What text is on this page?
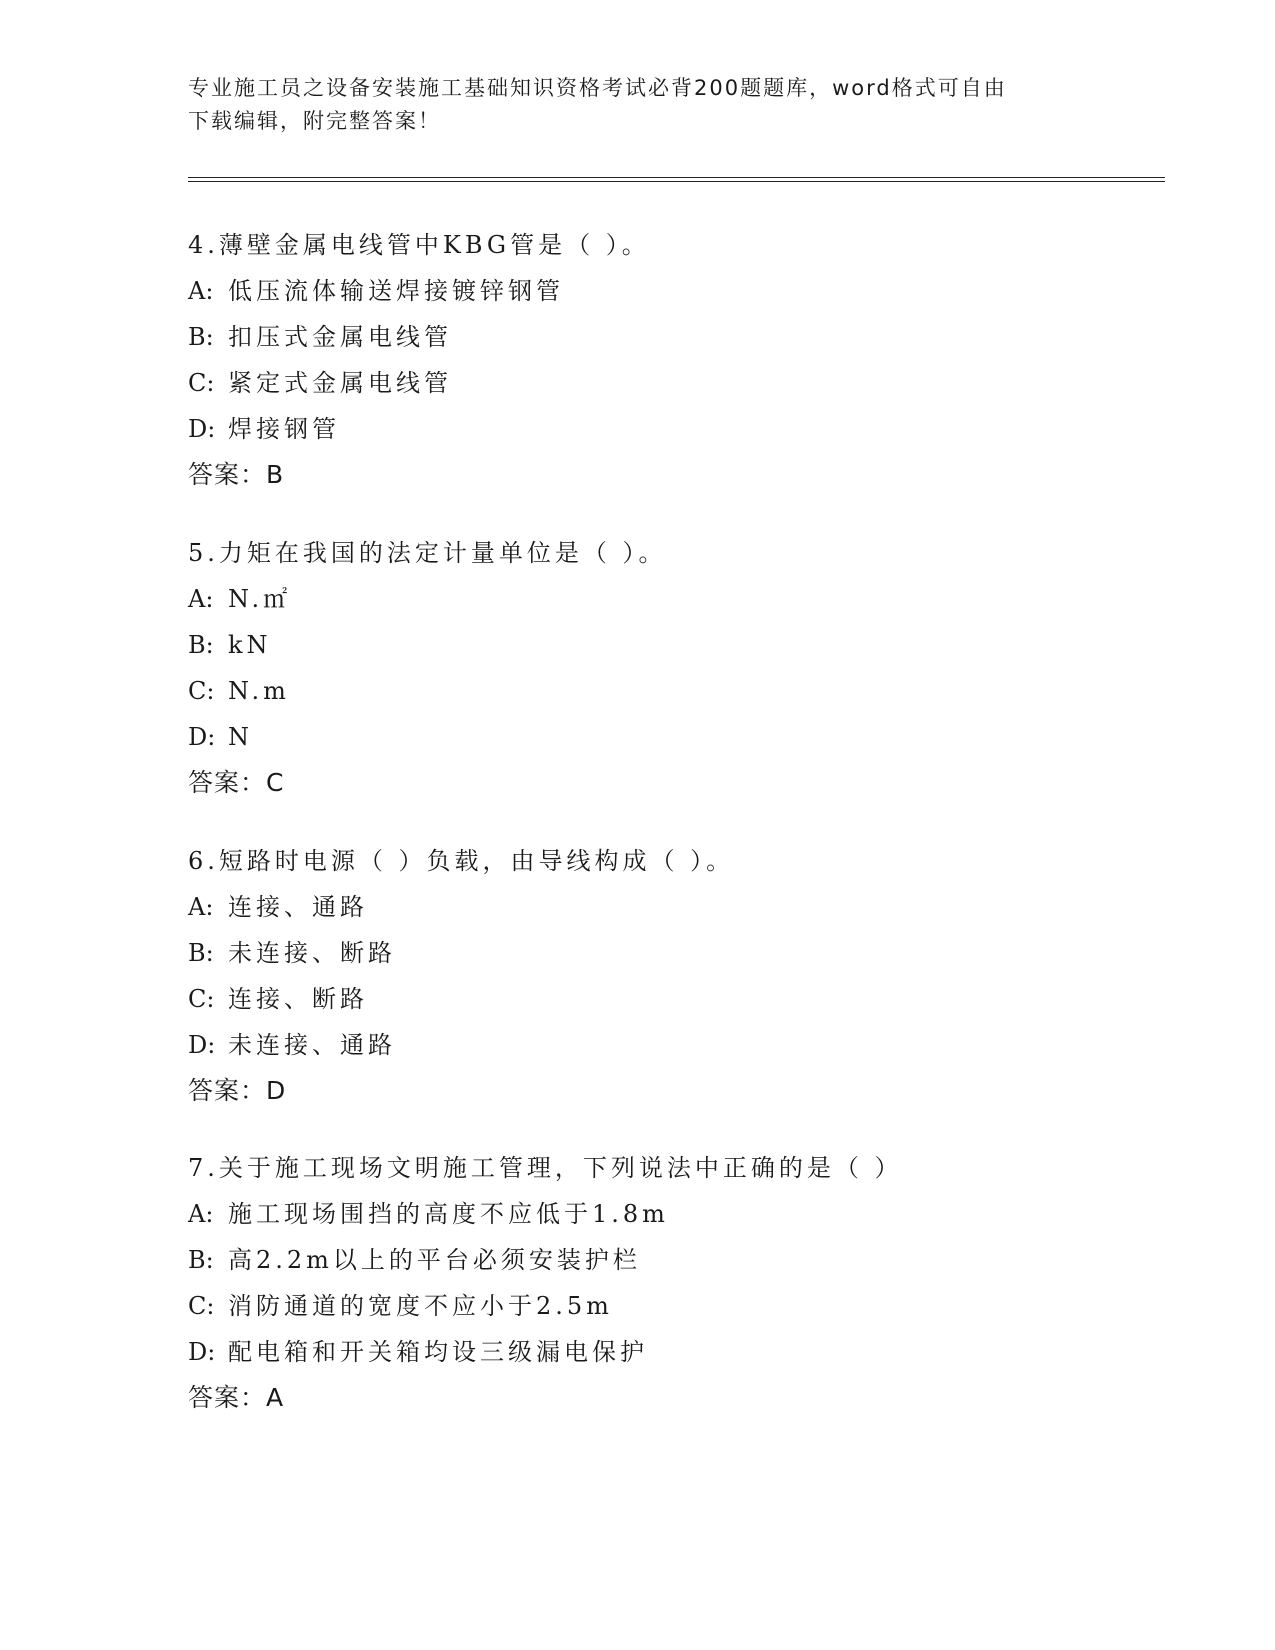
专业施工员之设备安装施工基础知识资格考试必背200题题库，word格式可自由
下载编辑，附完整答案！
4.薄壁金属电线管中KBG管是（ ）。
A: 低压流体输送焊接镀锌钢管
B: 扣压式金属电线管
C: 紧定式金属电线管
D: 焊接钢管
答案：B
5.力矩在我国的法定计量单位是（ ）。
A: N.㎡
B: kN
C: N.m
D: N
答案：C
6.短路时电源（ ）负载，由导线构成（ ）。
A: 连接、通路
B: 未连接、断路
C: 连接、断路
D: 未连接、通路
答案：D
7.关于施工现场文明施工管理，下列说法中正确的是（ ）
A: 施工现场围挡的高度不应低于1.8m
B: 高2.2m以上的平台必须安装护栏
C: 消防通道的宽度不应小于2.5m
D: 配电箱和开关箱均设三级漏电保护
答案：A
